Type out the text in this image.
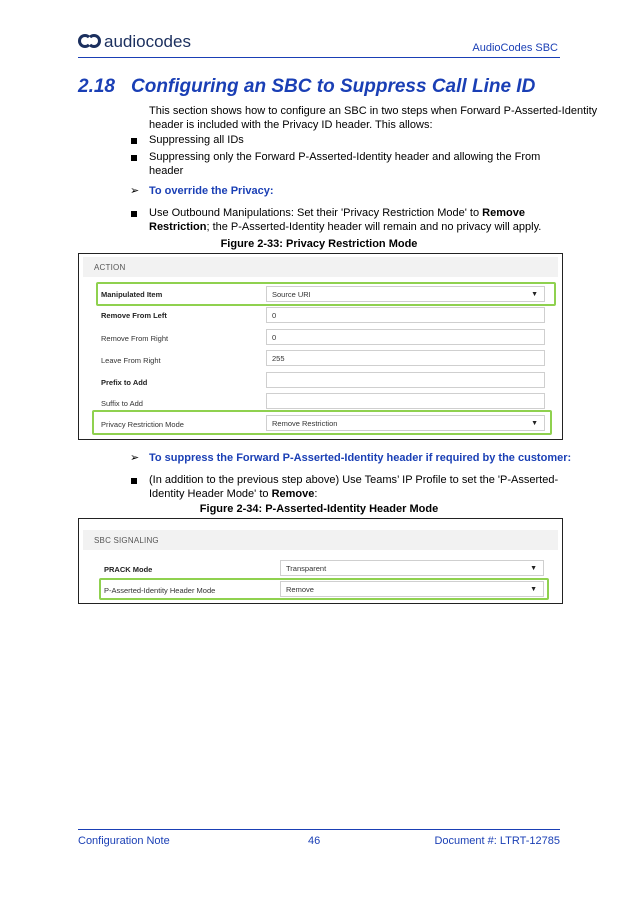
audiocodes	AudioCodes SBC
2.18 Configuring an SBC to Suppress Call Line ID
This section shows how to configure an SBC in two steps when Forward P-Asserted-Identity
header is included with the Privacy ID header. This allows:
Suppressing all IDs
Suppressing only the Forward P-Asserted-Identity header and allowing the From
header
➢ To override the Privacy:
Use Outbound Manipulations: Set their 'Privacy Restriction Mode' to Remove
Restriction; the P-Asserted-Identity header will remain and no privacy will apply.
Figure 2-33: Privacy Restriction Mode
ACTION
Manipulated Item	Source URI	▼
Remove From Left	0
Remove From Right	0
Leave From Right	255
Prefix to Add
Suffix to Add
Privacy Restriction Mode	Remove Restriction	▼
➢ To suppress the Forward P-Asserted-Identity header if required by the customer:
(In addition to the previous step above) Use Teams’ IP Profile to set the 'P-Asserted-
Identity Header Mode' to Remove:
Figure 2-34: P-Asserted-Identity Header Mode
SBC SIGNALING
PRACK Mode	Transparent	▼
P-Asserted-Identity Header Mode	Remove	▼
Configuration Note	46	Document #: LTRT-12785
